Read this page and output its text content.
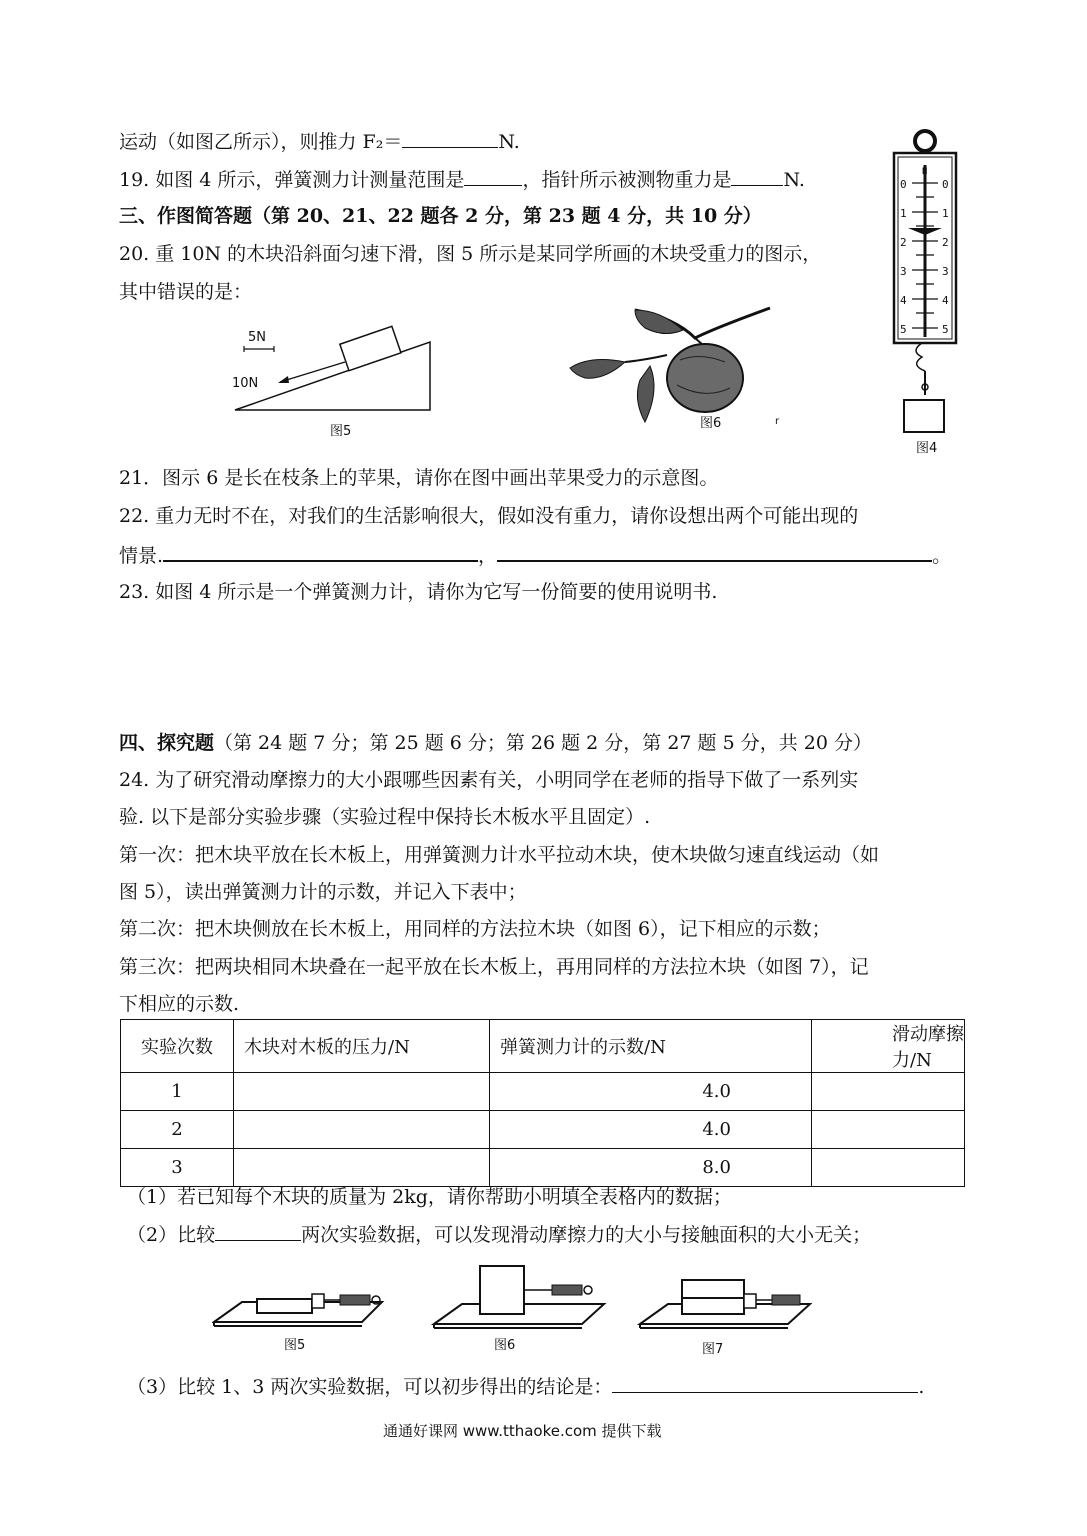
运动（如图乙所示），则推力 F₂＝	N.
19. 如图 4 所示，弹簧测力计测量范围是	，指针所示被测物重力是	N.
三、作图简答题（第 20、21、22 题各 2 分，第 23 题 4 分，共 10 分）
20. 重 10N 的木块沿斜面匀速下滑，图 5 所示是某同学所画的木块受重力的图示，
其中错误的是：
5N
10N
图5
图6	r
0
1
2
3
4
5
0
1
2
3
4
5
N
图4
21．图示 6 是长在枝条上的苹果，请你在图中画出苹果受力的示意图。
22. 重力无时不在，对我们的生活影响很大，假如没有重力，请你设想出两个可能出现的
情景.	，	。
23. 如图 4 所示是一个弹簧测力计，请你为它写一份简要的使用说明书.
四、探究题（第 24 题 7 分；第 25 题 6 分；第 26 题 2 分，第 27 题 5 分，共 20 分）
24. 为了研究滑动摩擦力的大小跟哪些因素有关，小明同学在老师的指导下做了一系列实
验. 以下是部分实验步骤（实验过程中保持长木板水平且固定）.
第一次：把木块平放在长木板上，用弹簧测力计水平拉动木块，使木块做匀速直线运动（如
图 5），读出弹簧测力计的示数，并记入下表中；
第二次：把木块侧放在长木板上，用同样的方法拉木块（如图 6），记下相应的示数；
第三次：把两块相同木块叠在一起平放在长木板上，再用同样的方法拉木块（如图 7），记
下相应的示数.
实验次数	木块对木板的压力/N	弹簧测力计的示数/N	滑动摩擦力/N
1		4.0	
2		4.0	
3		8.0	
（1）若已知每个木块的质量为 2kg，请你帮助小明填全表格内的数据；
（2）比较	两次实验数据，可以发现滑动摩擦力的大小与接触面积的大小无关；
图5	图6	图7
（3）比较 1、3 两次实验数据，可以初步得出的结论是：	.
通通好课网 www.tthaoke.com 提供下载
